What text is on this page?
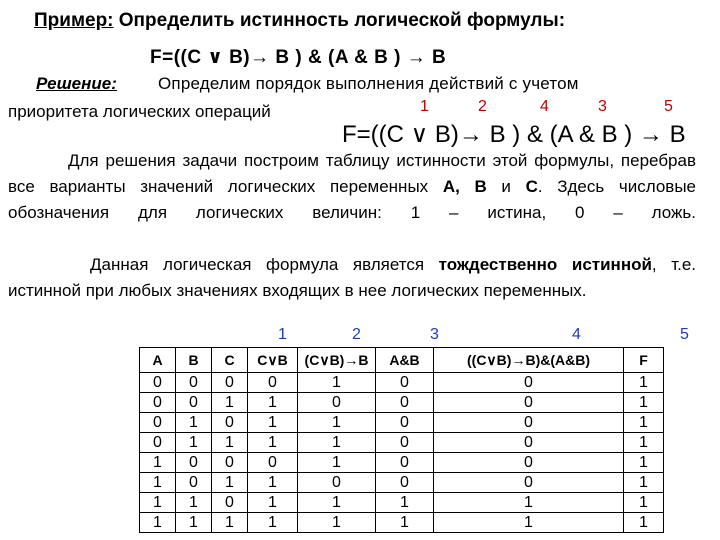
Пример: Определить истинность логической формулы:
F=((C ∨ B)→ B ) & (A & B ) → B
Решение: Определим порядок выполнения действий с учетом
приоритета логических операций	1	2	4	3	5
F=((C ∨ B)→ B ) & (A & B ) → B
Для решения задачи построим таблицу истинности этой формулы, перебрав все варианты значений логических переменных A, B и C. Здесь числовые обозначения для логических величин: 1 – истина, 0 – ложь.
Данная логическая формула является тождественно истинной, т.е. истинной при любых значениях входящих в нее логических переменных.
1	2	3	4	5
A	B	C	C∨B	(C∨B)→B	A&B	((C∨B)→B)&(A&B)	F
0	0	0	0	1	0	0	1
0	0	1	1	0	0	0	1
0	1	0	1	1	0	0	1
0	1	1	1	1	0	0	1
1	0	0	0	1	0	0	1
1	0	1	1	0	0	0	1
1	1	0	1	1	1	1	1
1	1	1	1	1	1	1	1
